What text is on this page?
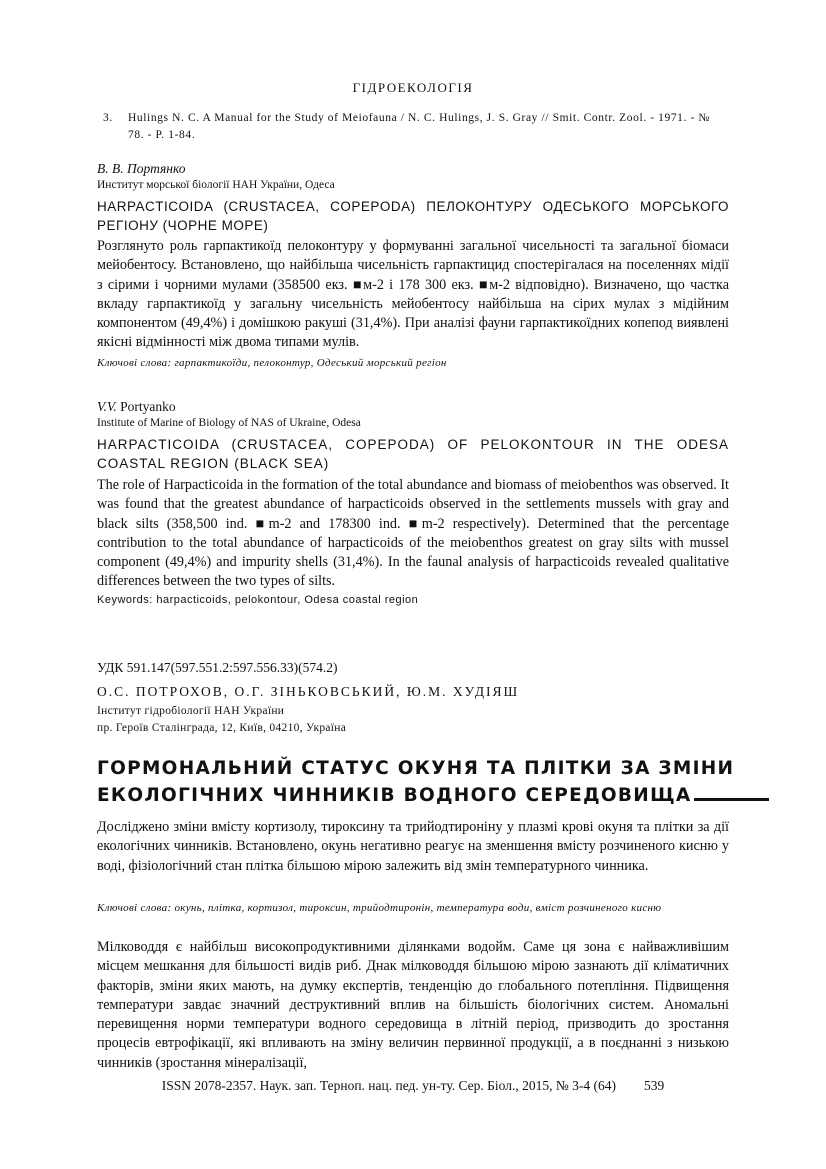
ГІДРОЕКОЛОГІЯ
3. Hulings N. C. A Manual for the Study of Meiofauna / N. C. Hulings, J. S. Gray // Smit. Contr. Zool. - 1971. - № 78. - P. 1-84.
В. В. Портянко
Институт морської біології НАН України, Одеса
HARPACTICOIDA (CRUSTACEA, COPEPODA) ПЕЛОКОНТУРУ ОДЕСЬКОГО МОРСЬКОГО РЕГІОНУ (ЧОРНЕ МОРЕ)
Розглянуто роль гарпактикоїд пелоконтуру у формуванні загальної чисельності та загальної біомаси мейобентосу. Встановлено, що найбільша чисельність гарпактицид спостерігалася на поселеннях мідії з сірими і чорними мулами (358500 екз. ■м-2 і 178 300 екз. ■м-2 відповідно). Визначено, що частка вкладу гарпактикоїд у загальну чисельність мейобентосу найбільша на сірих мулах з мідійним компонентом (49,4%) і домішкою ракуші (31,4%). При аналізі фауни гарпактикоїдних копепод виявлені якісні відмінності між двома типами мулів.
Ключові слова: гарпактикоїди, пелоконтур, Одеський морський регіон
V.V. Portyanko
Institute of Marine of Biology of NAS of Ukraine, Odesa
HARPACTICOIDA (CRUSTACEA, COPEPODA) OF PELOKONTOUR IN THE ODESA COASTAL REGION (BLACK SEA)
The role of Harpacticoida in the formation of the total abundance and biomass of meiobenthos was observed. It was found that the greatest abundance of harpacticoids observed in the settlements mussels with gray and black silts (358,500 ind. ■m-2 and 178300 ind. ■m-2 respectively). Determined that the percentage contribution to the total abundance of harpacticoids of the meiobenthos greatest on gray silts with mussel component (49,4%) and impurity shells (31,4%). In the faunal analysis of harpacticoids revealed qualitative differences between the two types of silts.
Keywords: harpacticoids, pelokontour, Odesa coastal region
УДК 591.147(597.551.2:597.556.33)(574.2)
О.С. ПОТРОХОВ, О.Г. ЗІНЬКОВСЬКИЙ, Ю.М. ХУДІЯШ
Інститут гідробіології НАН України
пр. Героїв Сталінграда, 12, Київ, 04210, Україна
ГОРМОНАЛЬНИЙ СТАТУС ОКУНЯ ТА ПЛІТКИ ЗА ЗМІНИ
ЕКОЛОГІЧНИХ ЧИННИКІВ ВОДНОГО СЕРЕДОВИЩА
Досліджено зміни вмісту кортизолу, тироксину та трийодтироніну у плазмі крові окуня та плітки за дії екологічних чинників. Встановлено, окунь негативно реагує на зменшення вмісту розчиненого кисню у воді, фізіологічний стан плітка більшою мірою залежить від змін температурного чинника.
Ключові слова: окунь, плітка, кортизол, тироксин, трийодтиронін, температура води, вміст розчиненого кисню
Мілководдя є найбільш високопродуктивними ділянками водойм. Саме ця зона є найважливішим місцем мешкання для більшості видів риб. Днак мілководдя більшою мірою зазнають дії кліматичних факторів, зміни яких мають, на думку експертів, тенденцію до глобального потепління. Підвищення температури завдає значний деструктивний вплив на більшість біологічних систем. Аномальні перевищення норми температури водного середовища в літній період, призводить до зростання процесів евтрофікації, які впливають на зміну величин первинної продукції, а в поєднанні з низькою чинників (зростання мінералізації,
ISSN 2078-2357. Наук. зап. Терноп. нац. пед. ун-ту. Сер. Біол., 2015, № 3-4 (64) 539
